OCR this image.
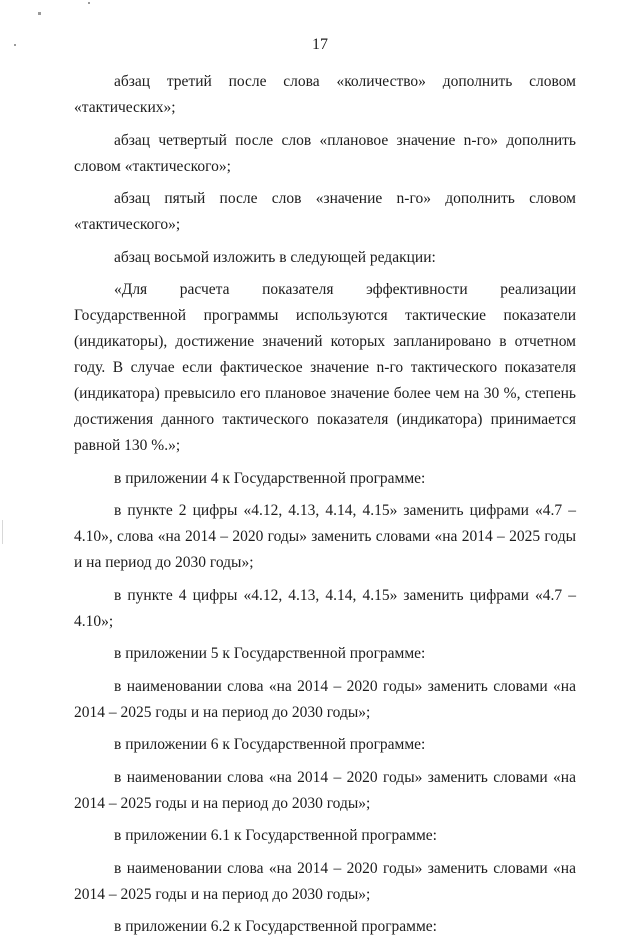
17

абзац третий после слова «количество» дополнить словом «тактических»;

абзац четвертый после слов «плановое значение n-го» дополнить словом «тактического»;

абзац пятый после слов «значение n-го» дополнить словом «тактического»;

абзац восьмой изложить в следующей редакции:

«Для расчета показателя эффективности реализации Государственной программы используются тактические показатели (индикаторы), достижение значений которых запланировано в отчетном году. В случае если фактическое значение n-го тактического показателя (индикатора) превысило его плановое значение более чем на 30 %, степень достижения данного тактического показателя (индикатора) принимается равной 130 %.»;

в приложении 4 к Государственной программе:

в пункте 2 цифры «4.12, 4.13, 4.14, 4.15» заменить цифрами «4.7 – 4.10», слова «на 2014 – 2020 годы» заменить словами «на 2014 – 2025 годы и на период до 2030 годы»;

в пункте 4 цифры «4.12, 4.13, 4.14, 4.15» заменить цифрами «4.7 – 4.10»;

в приложении 5 к Государственной программе:

в наименовании слова «на 2014 – 2020 годы» заменить словами «на 2014 – 2025 годы и на период до 2030 годы»;

в приложении 6 к Государственной программе:

в наименовании слова «на 2014 – 2020 годы» заменить словами «на 2014 – 2025 годы и на период до 2030 годы»;

в приложении 6.1 к Государственной программе:

в наименовании слова «на 2014 – 2020 годы» заменить словами «на 2014 – 2025 годы и на период до 2030 годы»;

в приложении 6.2 к Государственной программе:
